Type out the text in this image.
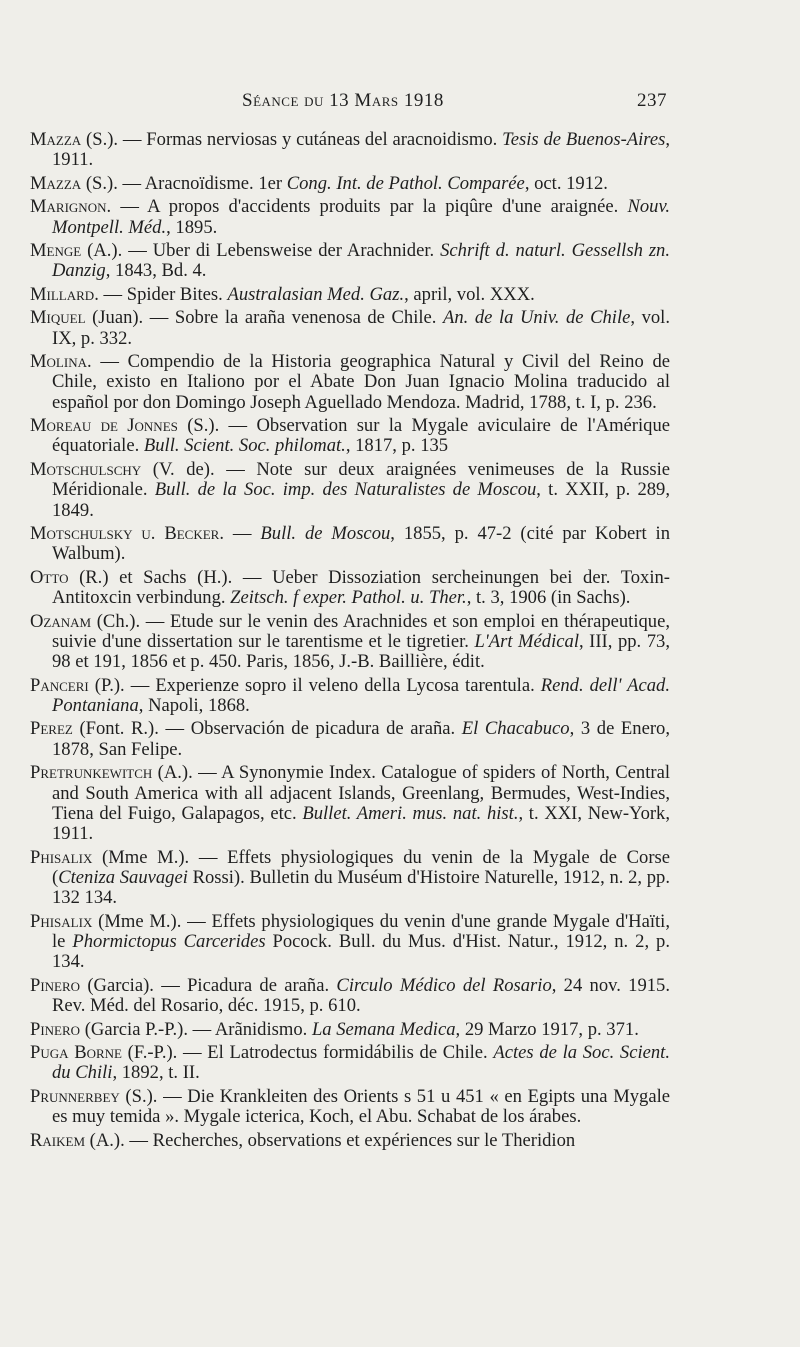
Séance du 13 Mars 1918	237

Mazza (S.). — Formas nerviosas y cutáneas del aracnoidismo. Tesis de Buenos-Aires, 1911.

Mazza (S.). — Aracnoïdisme. 1er Cong. Int. de Pathol. Comparée, oct. 1912.

Marignon. — A propos d'accidents produits par la piqûre d'une araignée. Nouv. Montpell. Méd., 1895.

Menge (A.). — Uber di Lebensweise der Arachnider. Schrift d. naturl. Gessellsh zn. Danzig, 1843, Bd. 4.

Millard. — Spider Bites. Australasian Med. Gaz., april, vol. XXX.

Miquel (Juan). — Sobre la araña venenosa de Chile. An. de la Univ. de Chile, vol. IX, p. 332.

Molina. — Compendio de la Historia geographica Natural y Civil del Reino de Chile, existo en Italiono por el Abate Don Juan Ignacio Molina traducido al español por don Domingo Joseph Aguellado Mendoza. Madrid, 1788, t. I, p. 236.

Moreau de Jonnes (S.). — Observation sur la Mygale aviculaire de l'Amérique équatoriale. Bull. Scient. Soc. philomat., 1817, p. 135

Motschulschy (V. de). — Note sur deux araignées venimeuses de la Russie Méridionale. Bull. de la Soc. imp. des Naturalistes de Moscou, t. XXII, p. 289, 1849.

Motschulsky u. Becker. — Bull. de Moscou, 1855, p. 47-2 (cité par Kobert in Walbum).

Otto (R.) et Sachs (H.). — Ueber Dissoziation sercheinungen bei der. Toxin-Antitoxcin verbindung. Zeitsch. f exper. Pathol. u. Ther., t. 3, 1906 (in Sachs).

Ozanam (Ch.). — Etude sur le venin des Arachnides et son emploi en thérapeutique, suivie d'une dissertation sur le tarentisme et le tigretier. L'Art Médical, III, pp. 73, 98 et 191, 1856 et p. 450. Paris, 1856, J.-B. Baillière, édit.

Panceri (P.). — Experienze sopro il veleno della Lycosa tarentula. Rend. dell' Acad. Pontaniana, Napoli, 1868.

Perez (Font. R.). — Observación de picadura de araña. El Chacabuco, 3 de Enero, 1878, San Felipe.

Pretrunkewitch (A.). — A Synonymie Index. Catalogue of spiders of North, Central and South America with all adjacent Islands, Greenlang, Bermudes, West-Indies, Tiena del Fuigo, Galapagos, etc. Bullet. Ameri. mus. nat. hist., t. XXI, New-York, 1911.

Phisalix (Mme M.). — Effets physiologiques du venin de la Mygale de Corse (Cteniza Sauvagei Rossi). Bulletin du Muséum d'Histoire Naturelle, 1912, n. 2, pp. 132 134.

Phisalix (Mme M.). — Effets physiologiques du venin d'une grande Mygale d'Haïti, le Phormictopus Carcerides Pocock. Bull. du Mus. d'Hist. Natur., 1912, n. 2, p. 134.

Pinero (Garcia). — Picadura de araña. Circulo Médico del Rosario, 24 nov. 1915. Rev. Méd. del Rosario, déc. 1915, p. 610.

Pinero (Garcia P.-P.). — Arãnidismo. La Semana Medica, 29 Marzo 1917, p. 371.

Puga Borne (F.-P.). — El Latrodectus formidábilis de Chile. Actes de la Soc. Scient. du Chili, 1892, t. II.

Prunnerbey (S.). — Die Krankleiten des Orients s 51 u 451 « en Egipts una Mygale es muy temida ». Mygale icterica, Koch, el Abu. Schabat de los árabes.

Raikem (A.). — Recherches, observations et expériences sur le Theridion
